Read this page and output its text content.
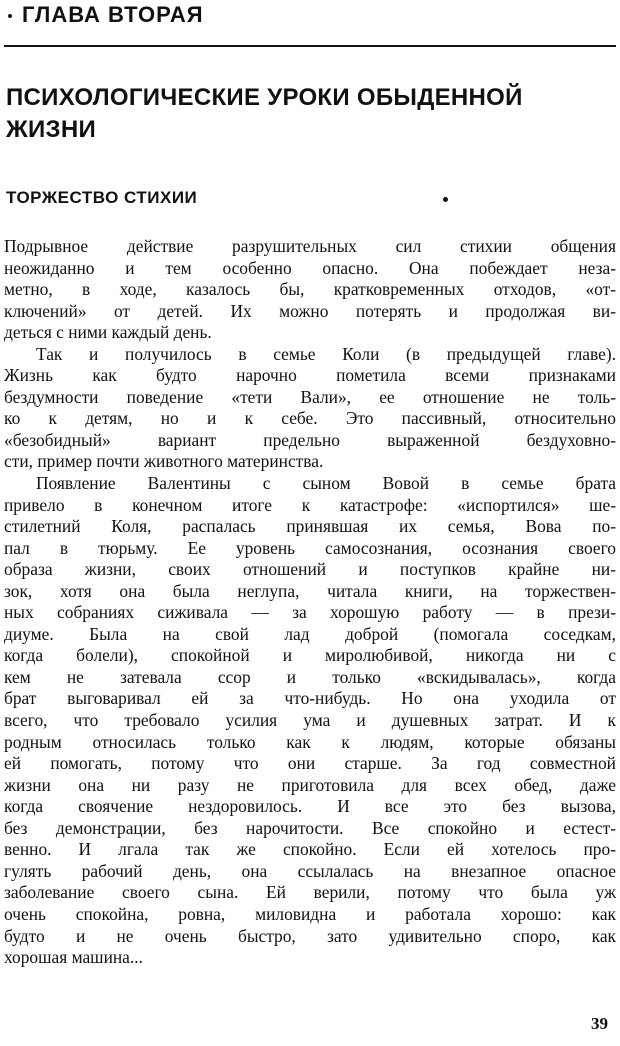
ГЛАВА ВТОРАЯ
ПСИХОЛОГИЧЕСКИЕ УРОКИ ОБЫДЕННОЙ
ЖИЗНИ
ТОРЖЕСТВО СТИХИИ
Подрывное действие разрушительных сил стихии общения
неожиданно и тем особенно опасно. Она побеждает неза-
метно, в ходе, казалось бы, кратковременных отходов, «от-
ключений» от детей. Их можно потерять и продолжая ви-
деться с ними каждый день.
Так и получилось в семье Коли (в предыдущей главе).
Жизнь как будто нарочно пометила всеми признаками
бездумности поведение «тети Вали», ее отношение не толь-
ко к детям, но и к себе. Это пассивный, относительно
«безобидный» вариант предельно выраженной бездуховно-
сти, пример почти животного материнства.
Появление Валентины с сыном Вовой в семье брата
привело в конечном итоге к катастрофе: «испортился» ше-
стилетний Коля, распалась принявшая их семья, Вова по-
пал в тюрьму. Ее уровень самосознания, осознания своего
образа жизни, своих отношений и поступков крайне ни-
зок, хотя она была неглупа, читала книги, на торжествен-
ных собраниях сиживала — за хорошую работу — в прези-
диуме. Была на свой лад доброй (помогала соседкам,
когда болели), спокойной и миролюбивой, никогда ни с
кем не затевала ссор и только «вскидывалась», когда
брат выговаривал ей за что-нибудь. Но она уходила от
всего, что требовало усилия ума и душевных затрат. И к
родным относилась только как к людям, которые обязаны
ей помогать, потому что они старше. За год совместной
жизни она ни разу не приготовила для всех обед, даже
когда своячение нездоровилось. И все это без вызова,
без демонстрации, без нарочитости. Все спокойно и естест-
венно. И лгала так же спокойно. Если ей хотелось про-
гулять рабочий день, она ссылалась на внезапное опасное
заболевание своего сына. Ей верили, потому что была уж
очень спокойна, ровна, миловидна и работала хорошо: как
будто и не очень быстро, зато удивительно споро, как
хорошая машина...
39
